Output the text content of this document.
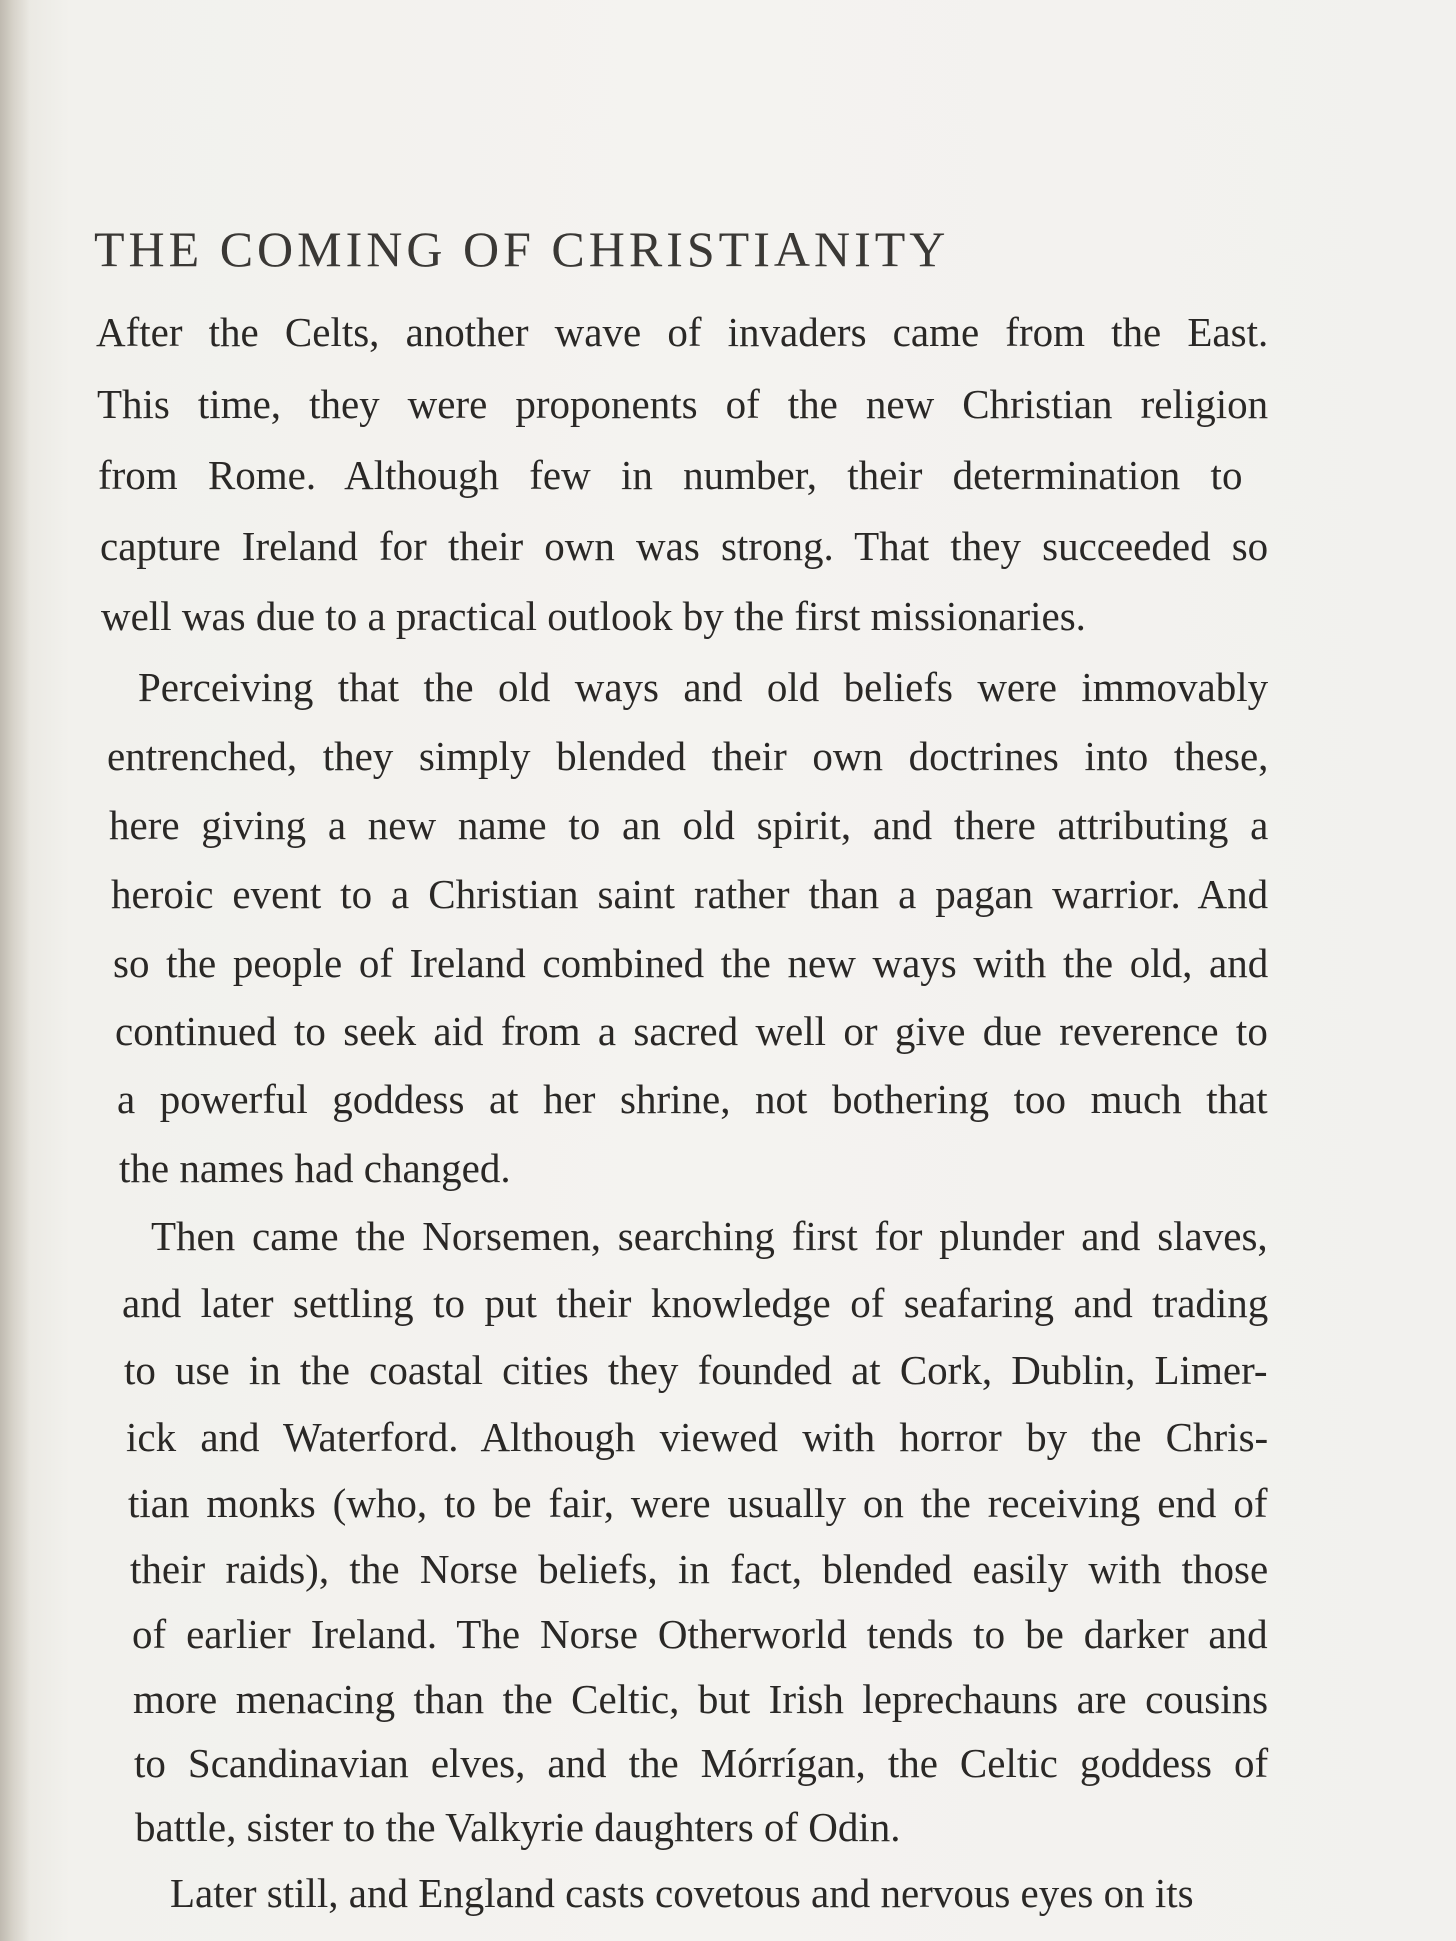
THE COMING OF CHRISTIANITY

After the Celts, another wave of invaders came from the East.

This time, they were proponents of the new Christian religion

from Rome. Although few in number, their determination to

capture Ireland for their own was strong. That they succeeded so

well was due to a practical outlook by the first missionaries.

Perceiving that the old ways and old beliefs were immovably

entrenched, they simply blended their own doctrines into these,

here giving a new name to an old spirit, and there attributing a

heroic event to a Christian saint rather than a pagan warrior. And

so the people of Ireland combined the new ways with the old, and

continued to seek aid from a sacred well or give due reverence to

a powerful goddess at her shrine, not bothering too much that

the names had changed.

Then came the Norsemen, searching first for plunder and slaves,

and later settling to put their knowledge of seafaring and trading

to use in the coastal cities they founded at Cork, Dublin, Limer-

ick and Waterford. Although viewed with horror by the Chris-

tian monks (who, to be fair, were usually on the receiving end of

their raids), the Norse beliefs, in fact, blended easily with those

of earlier Ireland. The Norse Otherworld tends to be darker and

more menacing than the Celtic, but Irish leprechauns are cousins

to Scandinavian elves, and the Mórrígan, the Celtic goddess of

battle, sister to the Valkyrie daughters of Odin.

Later still, and England casts covetous and nervous eyes on its
